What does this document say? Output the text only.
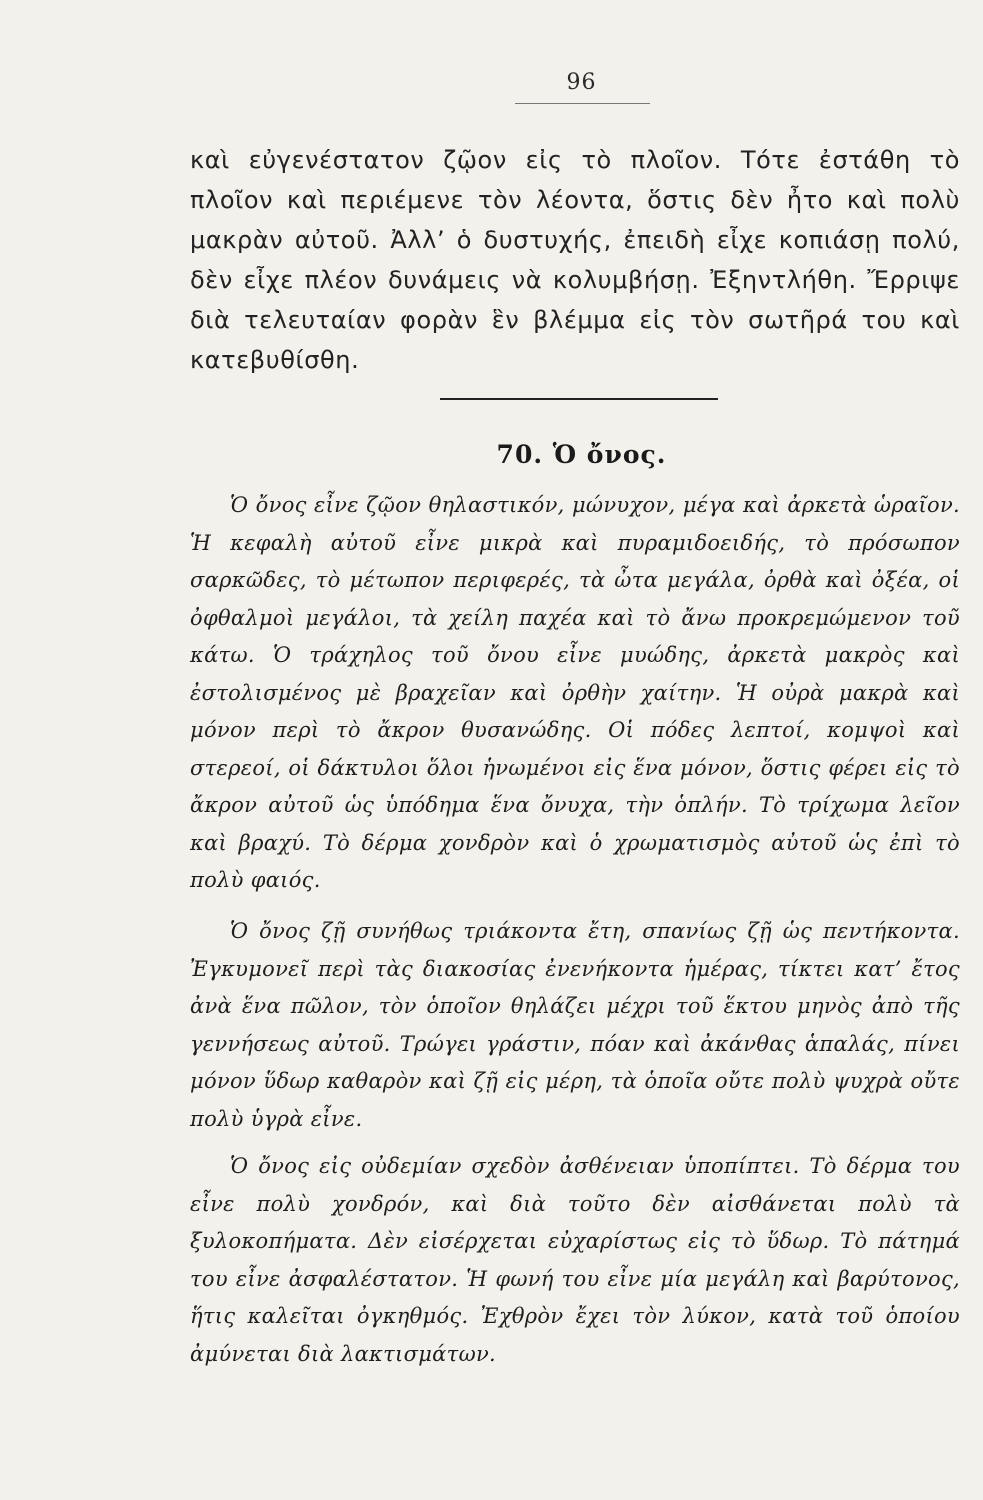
96

καὶ εὐγενέστατον ζῷον εἰς τὸ πλοῖον. Τότε ἐστάθη τὸ πλοῖον καὶ περιέμενε τὸν λέοντα, ὅστις δὲν ἦτο καὶ πολὺ μακρὰν αὐτοῦ. Ἀλλ’ ὁ δυστυχής, ἐπειδὴ εἶχε κοπιάσῃ πολύ, δὲν εἶχε πλέον δυνάμεις νὰ κολυμβήσῃ. Ἐξηντλήθη. Ἔρριψε διὰ τελευταίαν φορὰν ἓν βλέμμα εἰς τὸν σωτῆρά του καὶ κατεβυθίσθη.

70. Ὁ ὄνος.

Ὁ ὄνος εἶνε ζῷον θηλαστικόν, μώνυχον, μέγα καὶ ἀρκετὰ ὡραῖον. Ἡ κεφαλὴ αὐτοῦ εἶνε μικρὰ καὶ πυραμιδοειδής, τὸ πρόσωπον σαρκῶδες, τὸ μέτωπον περιφερές, τὰ ὦτα μεγάλα, ὀρθὰ καὶ ὀξέα, οἱ ὀφθαλμοὶ μεγάλοι, τὰ χείλη παχέα καὶ τὸ ἄνω προκρεμώμενον τοῦ κάτω. Ὁ τράχηλος τοῦ ὄνου εἶνε μυώδης, ἀρκετὰ μακρὸς καὶ ἐστολισμένος μὲ βραχεῖαν καὶ ὀρθὴν χαίτην. Ἡ οὐρὰ μακρὰ καὶ μόνον περὶ τὸ ἄκρον θυσανώδης. Οἱ πόδες λεπτοί, κομψοὶ καὶ στερεοί, οἱ δάκτυλοι ὅλοι ἡνωμένοι εἰς ἕνα μόνον, ὅστις φέρει εἰς τὸ ἄκρον αὐτοῦ ὡς ὑπόδημα ἕνα ὄνυχα, τὴν ὁπλήν. Τὸ τρίχωμα λεῖον καὶ βραχύ. Τὸ δέρμα χονδρὸν καὶ ὁ χρωματισμὸς αὐτοῦ ὡς ἐπὶ τὸ πολὺ φαιός.

Ὁ ὄνος ζῇ συνήθως τριάκοντα ἔτη, σπανίως ζῇ ὡς πεντήκοντα. Ἐγκυμονεῖ περὶ τὰς διακοσίας ἐνενήκοντα ἡμέρας, τίκτει κατ’ ἔτος ἀνὰ ἕνα πῶλον, τὸν ὁποῖον θηλάζει μέχρι τοῦ ἕκτου μηνὸς ἀπὸ τῆς γεννήσεως αὐτοῦ. Τρώγει γράστιν, πόαν καὶ ἀκάνθας ἁπαλάς, πίνει μόνον ὕδωρ καθαρὸν καὶ ζῇ εἰς μέρη, τὰ ὁποῖα οὔτε πολὺ ψυχρὰ οὔτε πολὺ ὑγρὰ εἶνε.

Ὁ ὄνος εἰς οὐδεμίαν σχεδὸν ἀσθένειαν ὑποπίπτει. Τὸ δέρμα του εἶνε πολὺ χονδρόν, καὶ διὰ τοῦτο δὲν αἰσθάνεται πολὺ τὰ ξυλοκοπήματα. Δὲν εἰσέρχεται εὐχαρίστως εἰς τὸ ὕδωρ. Τὸ πάτημά του εἶνε ἀσφαλέστατον. Ἡ φωνή του εἶνε μία μεγάλη καὶ βαρύτονος, ἥτις καλεῖται ὀγκηθμός. Ἐχθρὸν ἔχει τὸν λύκον, κατὰ τοῦ ὁποίου ἀμύνεται διὰ λακτισμάτων.
